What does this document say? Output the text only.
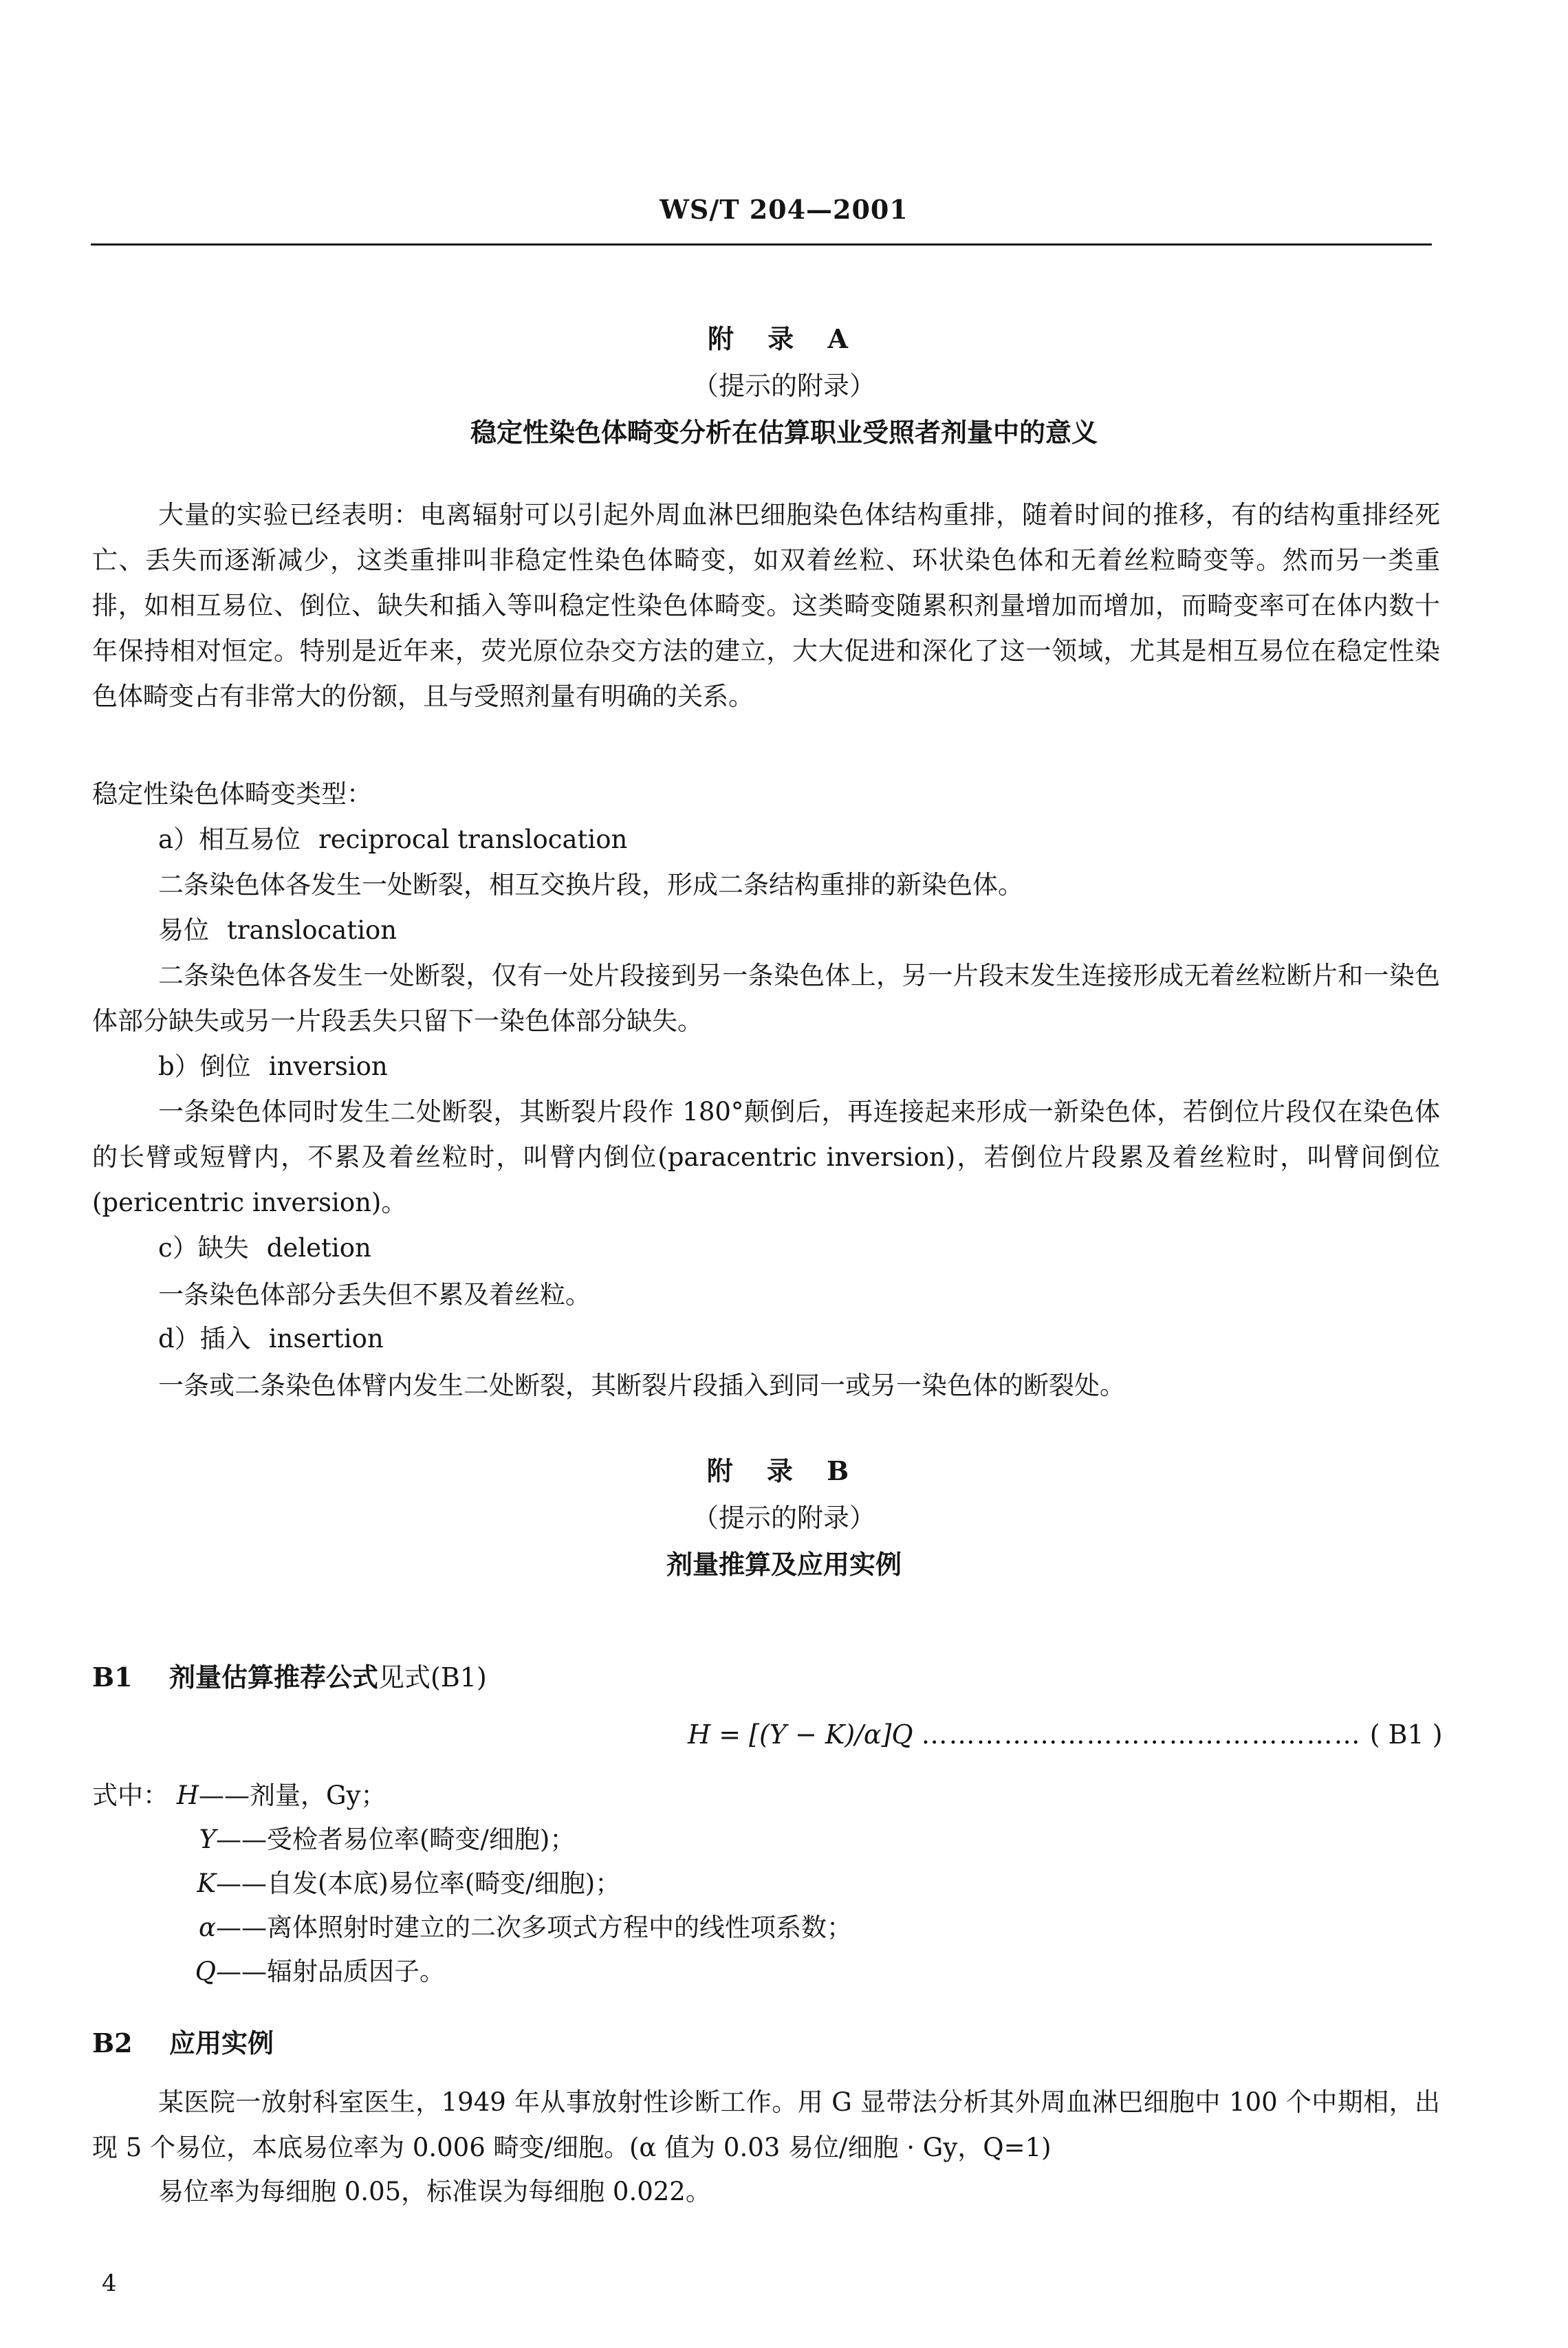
WS/T 204—2001
附 录 A
（提示的附录）
稳定性染色体畸变分析在估算职业受照者剂量中的意义

大量的实验已经表明：电离辐射可以引起外周血淋巴细胞染色体结构重排，随着时间的推移，有的结构重排经死亡、丢失而逐渐减少，这类重排叫非稳定性染色体畸变，如双着丝粒、环状染色体和无着丝粒畸变等。然而另一类重排，如相互易位、倒位、缺失和插入等叫稳定性染色体畸变。这类畸变随累积剂量增加而增加，而畸变率可在体内数十年保持相对恒定。特别是近年来，荧光原位杂交方法的建立，大大促进和深化了这一领域，尤其是相互易位在稳定性染色体畸变占有非常大的份额，且与受照剂量有明确的关系。

稳定性染色体畸变类型：
a）相互易位 reciprocal translocation

二条染色体各发生一处断裂，相互交换片段，形成二条结构重排的新染色体。

易位 translocation

二条染色体各发生一处断裂，仅有一处片段接到另一条染色体上，另一片段末发生连接形成无着丝粒断片和一染色体部分缺失或另一片段丢失只留下一染色体部分缺失。

b）倒位 inversion

一条染色体同时发生二处断裂，其断裂片段作 180°颠倒后，再连接起来形成一新染色体，若倒位片段仅在染色体的长臂或短臂内，不累及着丝粒时，叫臂内倒位(paracentric inversion)，若倒位片段累及着丝粒时，叫臂间倒位(pericentric inversion)。

c）缺失 deletion

一条染色体部分丢失但不累及着丝粒。

d）插入 insertion

一条或二条染色体臂内发生二处断裂，其断裂片段插入到同一或另一染色体的断裂处。

附 录 B
（提示的附录）
剂量推算及应用实例
B1 剂量估算推荐公式见式(B1)
H = [(Y − K)/α]Q ………………………………………… ( B1 )
式中： H——剂量，Gy；
Y——受检者易位率(畸变/细胞)；
K——自发(本底)易位率(畸变/细胞)；
α——离体照射时建立的二次多项式方程中的线性项系数；
Q——辐射品质因子。
B2 应用实例

某医院一放射科室医生，1949 年从事放射性诊断工作。用 G 显带法分析其外周血淋巴细胞中 100 个中期相，出现 5 个易位，本底易位率为 0.006 畸变/细胞。(α 值为 0.03 易位/细胞 · Gy，Q=1)

易位率为每细胞 0.05，标准误为每细胞 0.022。

4
